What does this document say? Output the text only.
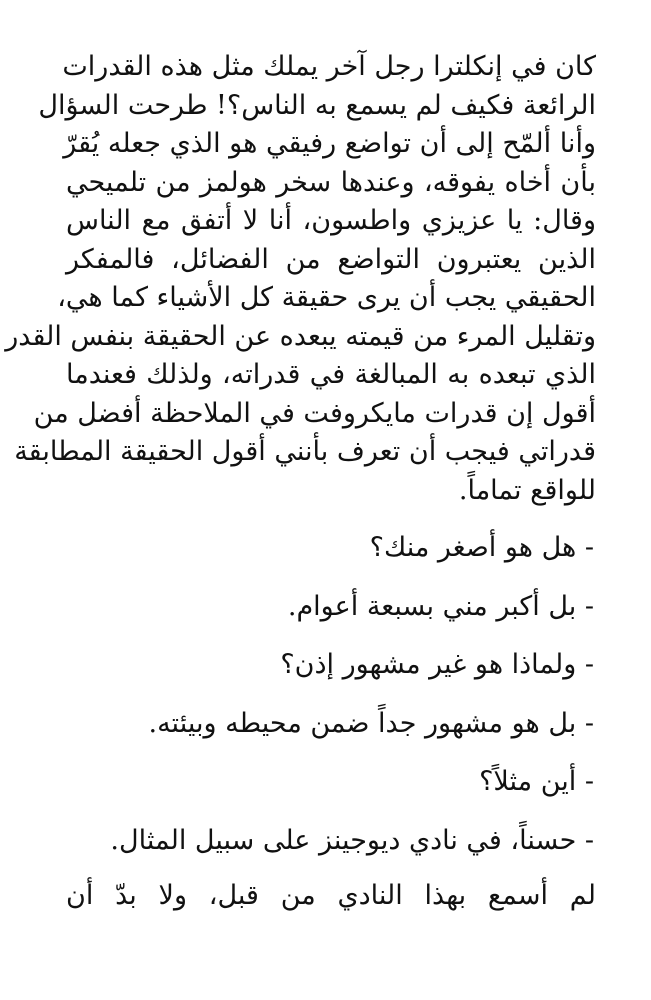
كان في إنكلترا رجل آخر يملك مثل هذه القدرات
الرائعة فكيف لم يسمع به الناس؟! طرحت السؤال
وأنا ألمّح إلى أن تواضع رفيقي هو الذي جعله يُقرّ
بأن أخاه يفوقه، وعندها سخر هولمز من تلميحي
وقال: يا عزيزي واطسون، أنا لا أتفق مع الناس
الذين يعتبرون التواضع من الفضائل، فالمفكر
الحقيقي يجب أن يرى حقيقة كل الأشياء كما هي،
وتقليل المرء من قيمته يبعده عن الحقيقة بنفس القدر
الذي تبعده به المبالغة في قدراته، ولذلك فعندما
أقول إن قدرات مايكروفت في الملاحظة أفضل من
قدراتي فيجب أن تعرف بأنني أقول الحقيقة المطابقة
للواقع تماماً.
- هل هو أصغر منك؟
- بل أكبر مني بسبعة أعوام.
- ولماذا هو غير مشهور إذن؟
- بل هو مشهور جداً ضمن محيطه وبيئته.
- أين مثلاً؟
- حسناً، في نادي ديوجينز على سبيل المثال.
لم أسمع بهذا النادي من قبل، ولا بدّ أن
